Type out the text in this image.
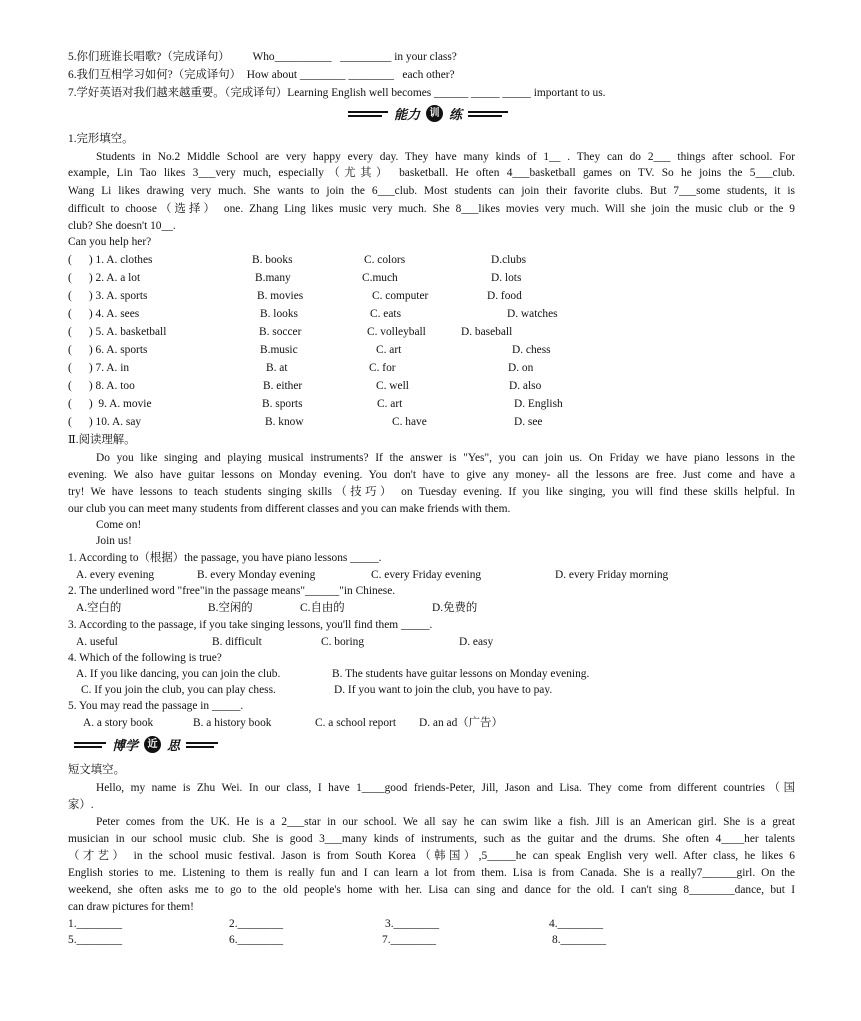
5.你们班谁长唱歌?（完成译句）        Who__________   _________ in your class?
6.我们互相学习如何?（完成译句）  How about ________ ________   each other?
7.学好英语对我们越来越重要。（完成译句）Learning English well becomes ______ _____ _____ important to us.
能力 训 练
1.完形填空。
Students in No.2 Middle School are very happy every day. They have many kinds of 1__ . They can do 2___ things after school. For
example, Lin Tao likes 3___very much, especially（尤其） basketball. He often 4___basketball games on TV. So he joins the 5___club.
Wang Li likes drawing very much. She wants to join the 6___club. Most students can join their favorite clubs. But 7___some students, it is
difficult to choose（选择） one. Zhang Ling likes music very much. She 8___likes movies very much. Will she join the music club or the 9
club? She doesn't 10__.
Can you help her?
(      ) 1. A. clothes	B. books	C. colors	D.clubs
(      ) 2. A. a lot	B.many	C.much	D. lots
(      ) 3. A. sports	B. movies	C. computer	D. food
(      ) 4. A. sees	B. looks	C. eats	D. watches
(      ) 5. A. basketball	B. soccer	C. volleyball	D. baseball
(      ) 6. A. sports	B.music	C. art	D. chess
(      ) 7. A. in	B. at	C. for	D. on
(      ) 8. A. too	B. either	C. well	D. also
(      )  9. A. movie	B. sports	C. art	D. English
(      ) 10. A. say	B. know	C. have	D. see
Ⅱ.阅读理解。
Do you like singing and playing musical instruments? If the answer is "Yes", you can join us. On Friday we have piano lessons in the
evening. We also have guitar lessons on Monday evening. You don't have to give any money- all the lessons are free. Just come and have a
try! We have lessons to teach students singing skills（技巧） on Tuesday evening. If you like singing, you will find these skills helpful. In
our club you can meet many students from different classes and you can make friends with them.
Come on!
Join us!
1. According to（根据）the passage, you have piano lessons _____.
A. every evening	B. every Monday evening	C. every Friday evening	D. every Friday morning
2. The underlined word "free"in the passage means"______"in Chinese.
A.空白的	B.空闲的	C.自由的	D.免费的
3. According to the passage, if you take singing lessons, you'll find them _____.
A. useful	B. difficult	C. boring	D. easy
4. Which of the following is true?
A. If you like dancing, you can join the club.	B. The students have guitar lessons on Monday evening.
C. If you join the club, you can play chess.	D. If you want to join the club, you have to pay.
5. You may read the passage in _____.
A. a story book	B. a history book	C. a school report D. an ad（广告）
博学 近 思
短文填空。
Hello, my name is Zhu Wei. In our class, I have 1____good friends-Peter, Jill, Jason and Lisa. They come from different countries（国
家）.
Peter comes from the UK. He is a 2___star in our school. We all say he can swim like a fish. Jill is an American girl. She is a great
musician in our school music club. She is good 3___many kinds of instruments, such as the guitar and the drums. She often 4____her talents
（才艺） in the school music festival. Jason is from South Korea（韩国）,5_____he can speak English very well. After class, he likes 6
English stories to me. Listening to them is really fun and I can learn a lot from them. Lisa is from Canada. She is a really7______girl. On the
weekend, she often asks me to go to the old people's home with her. Lisa can sing and dance for the old. I can't sing 8________dance, but I
can draw pictures for them!
1.________	2.________	3.________	4.________
5.________	6.________	7.________	8.________
